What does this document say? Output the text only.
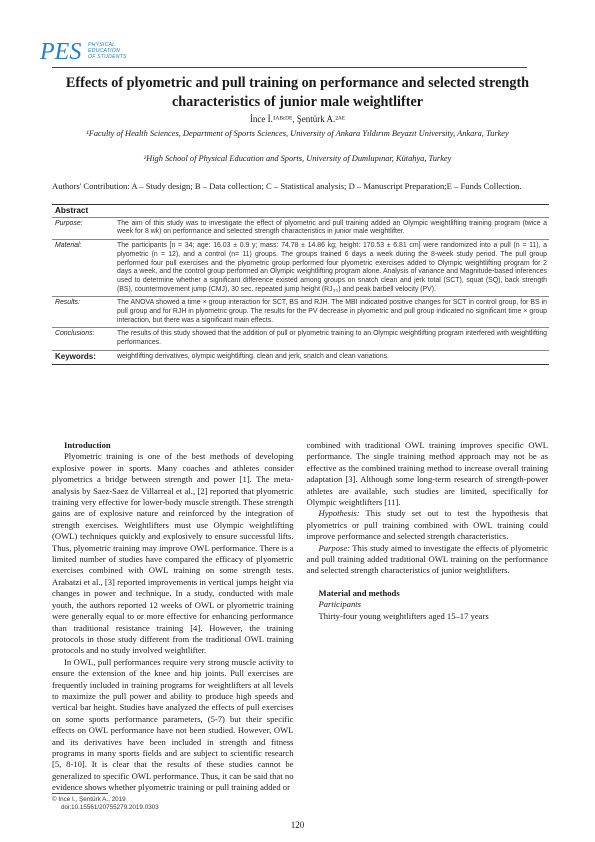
PES PHYSICAL
EDUCATION
OF STUDENTS
Effects of plyometric and pull training on performance and selected strength characteristics of junior male weightlifter
İnce İ.¹ᴬᴮᶜᴰᴱ, Şentürk A.²ᴬᴱ
¹Faculty of Health Sciences, Department of Sports Sciences, University of Ankara Yıldırım Beyazıt University, Ankara, Turkey
²High School of Physical Education and Sports, University of Dumlupınar, Kütahya, Turkey
Authors' Contribution: A – Study design; B – Data collection; C – Statistical analysis; D – Manuscript Preparation;E – Funds Collection.
Abstract
Purpose:	The aim of this study was to investigate the effect of plyometric and pull training added an Olympic weightlifting training program (twice a week for 8 wk) on performance and selected strength characteristics in junior male weightlifter.
Material:	The participants [n = 34; age: 16.03 ± 0.9 y; mass: 74.78 ± 14.86 kg; height: 170.53 ± 6.81 cm] were randomized into a pull (n = 11), a plyometric (n = 12), and a control (n= 11) groups. The groups trained 6 days a week during the 8-week study period. The pull group performed four pull exercises and the plyometric group performed four plyometric exercises added to Olympic weightlifting program for 2 days a week, and the control group performed an Olympic weightlifting program alone. Analysis of variance and Magnitude-based inferences used to determine whether a significant difference existed among groups on snatch clean and jerk total (SCT), squat (SQ), back strength (BS), countermovement jump (CMJ), 30 sec. repeated jump height (RJ₃₀) and peak barbell velocity (PV).
Results:	The ANOVA showed a time × group interaction for SCT, BS and RJH. The MBI indicated positive changes for SCT in control group, for BS in pull group and for RJH in plyometric group. The results for the PV decrease in plyometric and pull group indicated no significant time × group interaction, but there was a significant main effects.
Conclusions:	The results of this study showed that the addition of pull or plyometric training to an Olympic weightlifting program interfered with weightlifting performances.
Keywords:	weightlifting derivatives, olympic weightlifting. clean and jerk, snatch and clean variations.

Introduction

Plyometric training is one of the best methods of developing explosive power in sports. Many coaches and athletes consider plyometrics a bridge between strength and power [1]. The meta-analysis by Saez-Saez de Villarreal et al., [2] reported that plyometric training very effective for lower-body muscle strength. These strength gains are of explosive nature and reinforced by the integration of strength exercises. Weightlifters must use Olympic weightlifting (OWL) techniques quickly and explosively to ensure successful lifts. Thus, plyometric training may improve OWL performance. There is a limited number of studies have compared the efficacy of plyometric exercises combined with OWL training on some strength tests. Arabatzi et al., [3] reported improvements in vertical jumps height via changes in power and technique. In a study, conducted with male youth, the authors reported 12 weeks of OWL or plyometric training were generally equal to or more effective for enhancing performance than traditional resistance training [4]. However, the training protocols in those study different from the traditional OWL training protocols and no study involved weightlifter.

In OWL, pull performances require very strong muscle activity to ensure the extension of the knee and hip joints. Pull exercises are frequently included in training programs for weightlifters at all levels to maximize the pull power and ability to produce high speeds and vertical bar height. Studies have analyzed the effects of pull exercises on some sports performance parameters, (5-7) but their specific effects on OWL performance have not been studied. However, OWL and its derivatives have been included in strength and fitness programs in many sports fields and are subject to scientific research [5, 8-10]. It is clear that the results of these studies cannot be generalized to specific OWL performance. Thus, it can be said that no evidence shows whether plyometric training or pull training added or

combined with traditional OWL training improves specific OWL performance. The single training method approach may not be as effective as the combined training method to increase overall training adaptation [3]. Although some long-term research of strength-power athletes are available, such studies are limited, specifically for Olympic weightlifters [11].

Hypothesis: This study set out to test the hypothesis that plyometrics or pull training combined with OWL training could improve performance and selected strength characteristics.

Purpose: This study aimed to investigate the effects of plyometric and pull training added traditional OWL training on the performance and selected strength characteristics of junior weightlifters.

Material and methods

Participants

Thirty-four young weightlifters aged 15–17 years

© Ince I., Şentürk A., 2019
doi:10.15561/20755279.2019.0303
120
